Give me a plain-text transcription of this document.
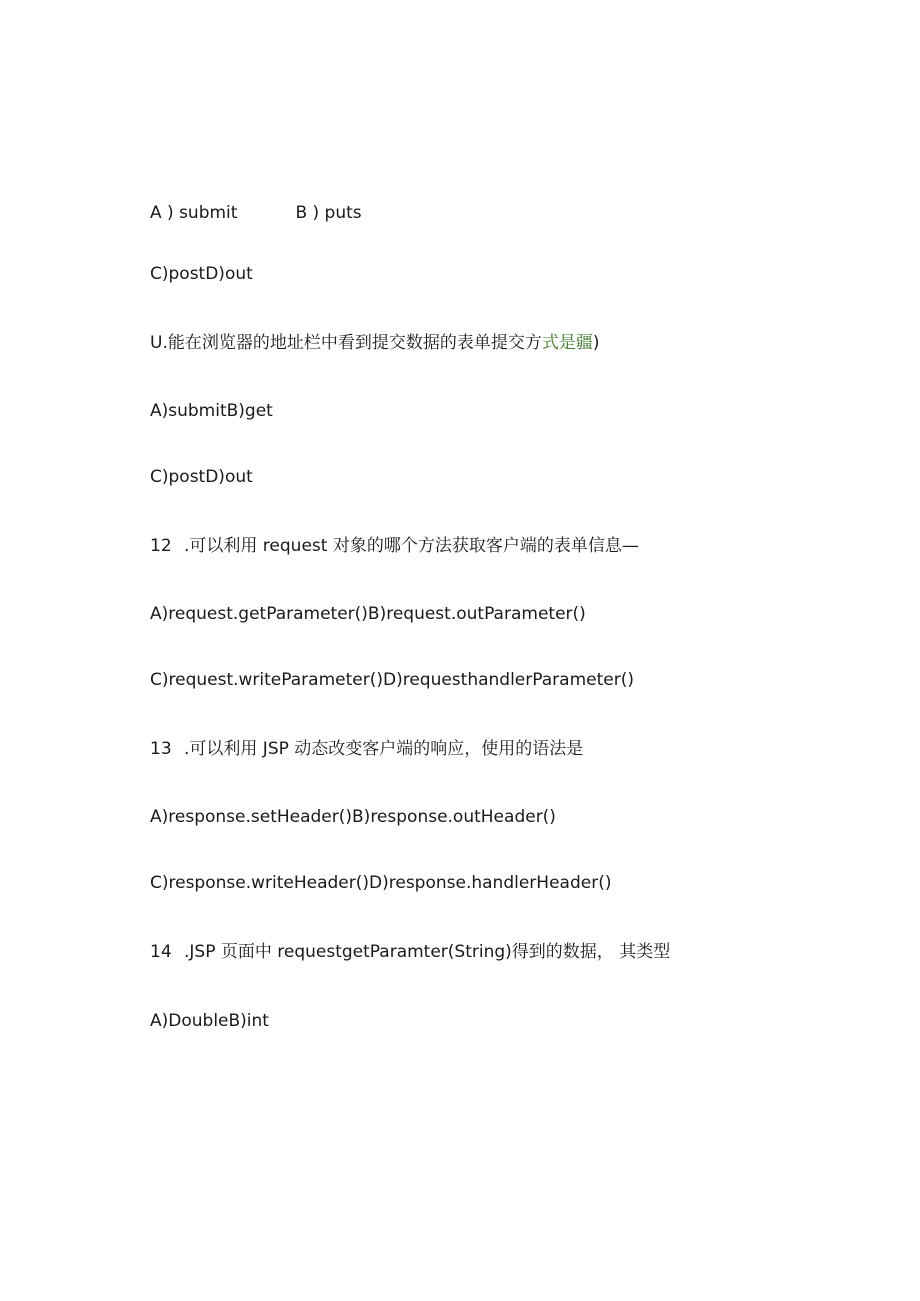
A ) submit	B ) puts
C)postD)out
U.能在浏览器的地址栏中看到提交数据的表单提交方式是疆)
A)submitB)get
C)postD)out
12 .可以利用 request 对象的哪个方法获取客户端的表单信息—
A)request.getParameter()B)request.outParameter()
C)request.writeParameter()D)requesthandlerParameter()
13 .可以利用 JSP 动态改变客户端的响应，使用的语法是
A)response.setHeader()B)response.outHeader()
C)response.writeHeader()D)response.handlerHeader()
14 .JSP 页面中 requestgetParamter(String)得到的数据， 其类型
A)DoubleB)int
